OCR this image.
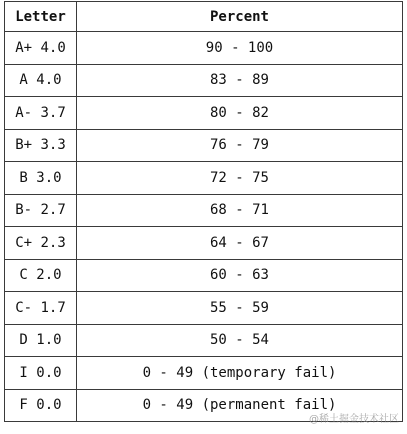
Letter	Percent
A+ 4.0	90 - 100
A 4.0	83 - 89
A- 3.7	80 - 82
B+ 3.3	76 - 79
B 3.0	72 - 75
B- 2.7	68 - 71
C+ 2.3	64 - 67
C 2.0	60 - 63
C- 1.7	55 - 59
D 1.0	50 - 54
I 0.0	0 - 49 (temporary fail)
F 0.0	0 - 49 (permanent fail)
@稀土掘金技术社区
